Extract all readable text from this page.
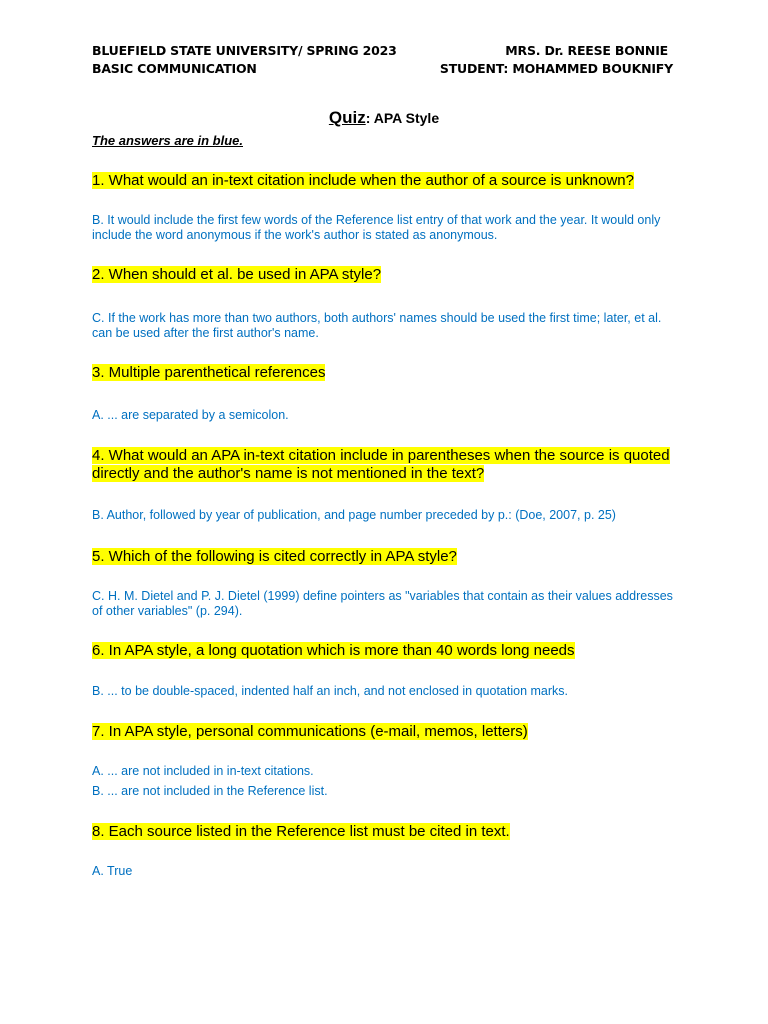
BLUEFIELD STATE UNIVERSITY/ SPRING 2023
BASIC COMMUNICATION
MRS. Dr. REESE BONNIE
STUDENT: MOHAMMED BOUKNIFY
Quiz: APA Style
The answers are in blue.
1. What would an in-text citation include when the author of a source is unknown?
B. It would include the first few words of the Reference list entry of that work and the year. It would only include the word anonymous if the work's author is stated as anonymous.
2. When should et al. be used in APA style?
C. If the work has more than two authors, both authors' names should be used the first time; later, et al. can be used after the first author's name.
3. Multiple parenthetical references
A. ... are separated by a semicolon.
4. What would an APA in-text citation include in parentheses when the source is quoted directly and the author's name is not mentioned in the text?
B. Author, followed by year of publication, and page number preceded by p.: (Doe, 2007, p. 25)
5. Which of the following is cited correctly in APA style?
C. H. M. Dietel and P. J. Dietel (1999) define pointers as "variables that contain as their values addresses of other variables" (p. 294).
6. In APA style, a long quotation which is more than 40 words long needs
B. ... to be double-spaced, indented half an inch, and not enclosed in quotation marks.
7. In APA style, personal communications (e-mail, memos, letters)
A. ... are not included in in-text citations.
B. ... are not included in the Reference list.
8. Each source listed in the Reference list must be cited in text.
A. True
